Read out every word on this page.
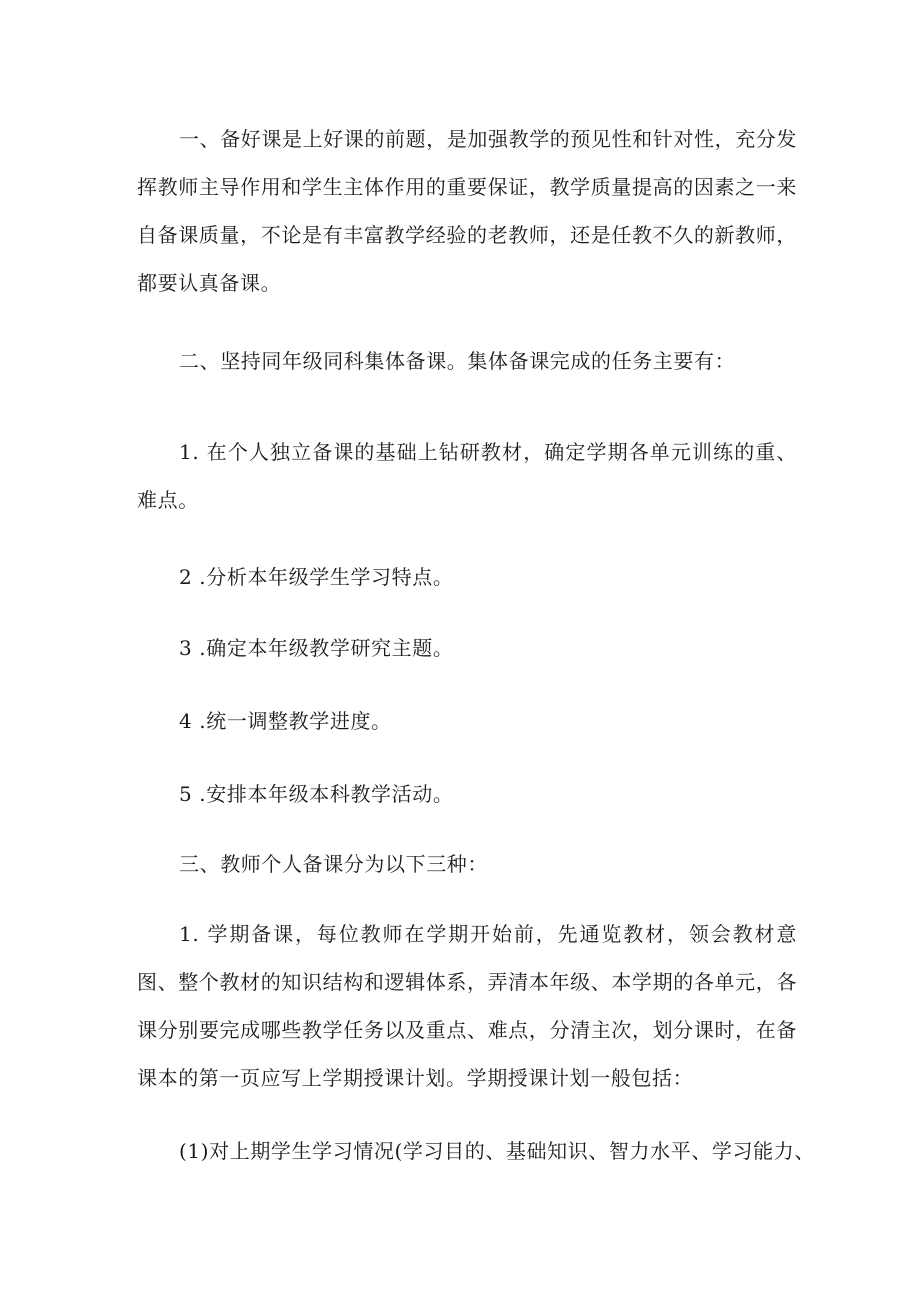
一、备好课是上好课的前题，是加强教学的预见性和针对性，充分发挥教师主导作用和学生主体作用的重要保证，教学质量提高的因素之一来自备课质量，不论是有丰富教学经验的老教师，还是任教不久的新教师，都要认真备课。

二、坚持同年级同科集体备课。集体备课完成的任务主要有：

1. 在个人独立备课的基础上钻研教材，确定学期各单元训练的重、难点。

2 .分析本年级学生学习特点。

3 .确定本年级教学研究主题。

4 .统一调整教学进度。

5 .安排本年级本科教学活动。

三、教师个人备课分为以下三种：

1. 学期备课，每位教师在学期开始前，先通览教材，领会教材意图、整个教材的知识结构和逻辑体系，弄清本年级、本学期的各单元，各课分别要完成哪些教学任务以及重点、难点，分清主次，划分课时，在备课本的第一页应写上学期授课计划。学期授课计划一般包括：

(1)对上期学生学习情况(学习目的、基础知识、智力水平、学习能力、
